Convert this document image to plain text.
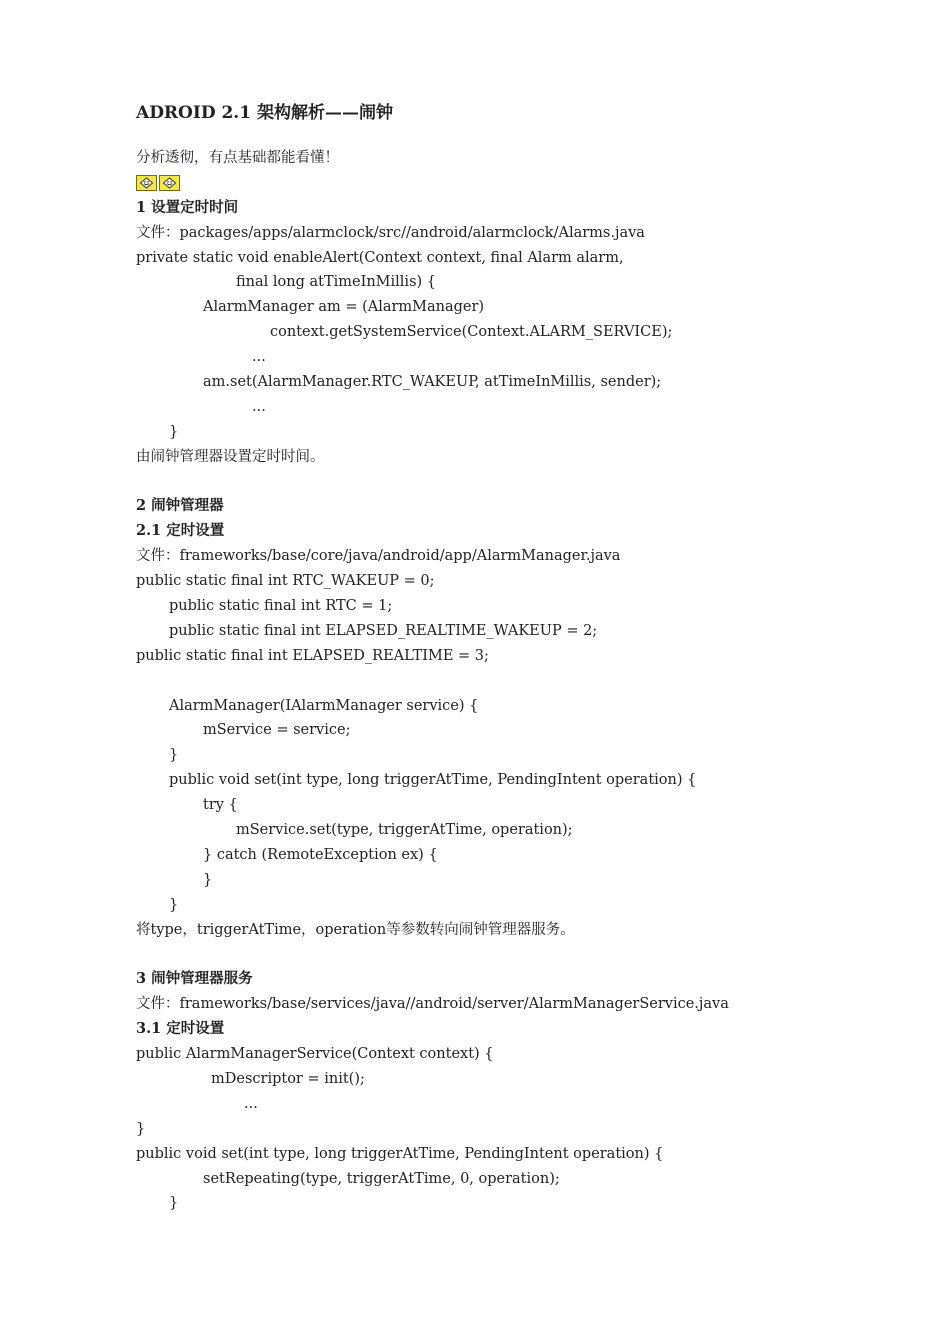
ADROID 2.1 架构解析——闹钟
分析透彻，有点基础都能看懂！
1 设置定时时间
文件：packages/apps/alarmclock/src//android/alarmclock/Alarms.java
private static void enableAlert(Context context, final Alarm alarm,
final long atTimeInMillis) {
AlarmManager am = (AlarmManager)
context.getSystemService(Context.ALARM_SERVICE);
...
am.set(AlarmManager.RTC_WAKEUP, atTimeInMillis, sender);
...
}
由闹钟管理器设置定时时间。
2 闹钟管理器
2.1 定时设置
文件：frameworks/base/core/java/android/app/AlarmManager.java
public static final int RTC_WAKEUP = 0;
public static final int RTC = 1;
public static final int ELAPSED_REALTIME_WAKEUP = 2;
public static final int ELAPSED_REALTIME = 3;
AlarmManager(IAlarmManager service) {
mService = service;
}
public void set(int type, long triggerAtTime, PendingIntent operation) {
try {
mService.set(type, triggerAtTime, operation);
} catch (RemoteException ex) {
}
}
将type，triggerAtTime，operation等参数转向闹钟管理器服务。
3 闹钟管理器服务
文件：frameworks/base/services/java//android/server/AlarmManagerService.java
3.1 定时设置
public AlarmManagerService(Context context) {
mDescriptor = init();
...
}
public void set(int type, long triggerAtTime, PendingIntent operation) {
setRepeating(type, triggerAtTime, 0, operation);
}
